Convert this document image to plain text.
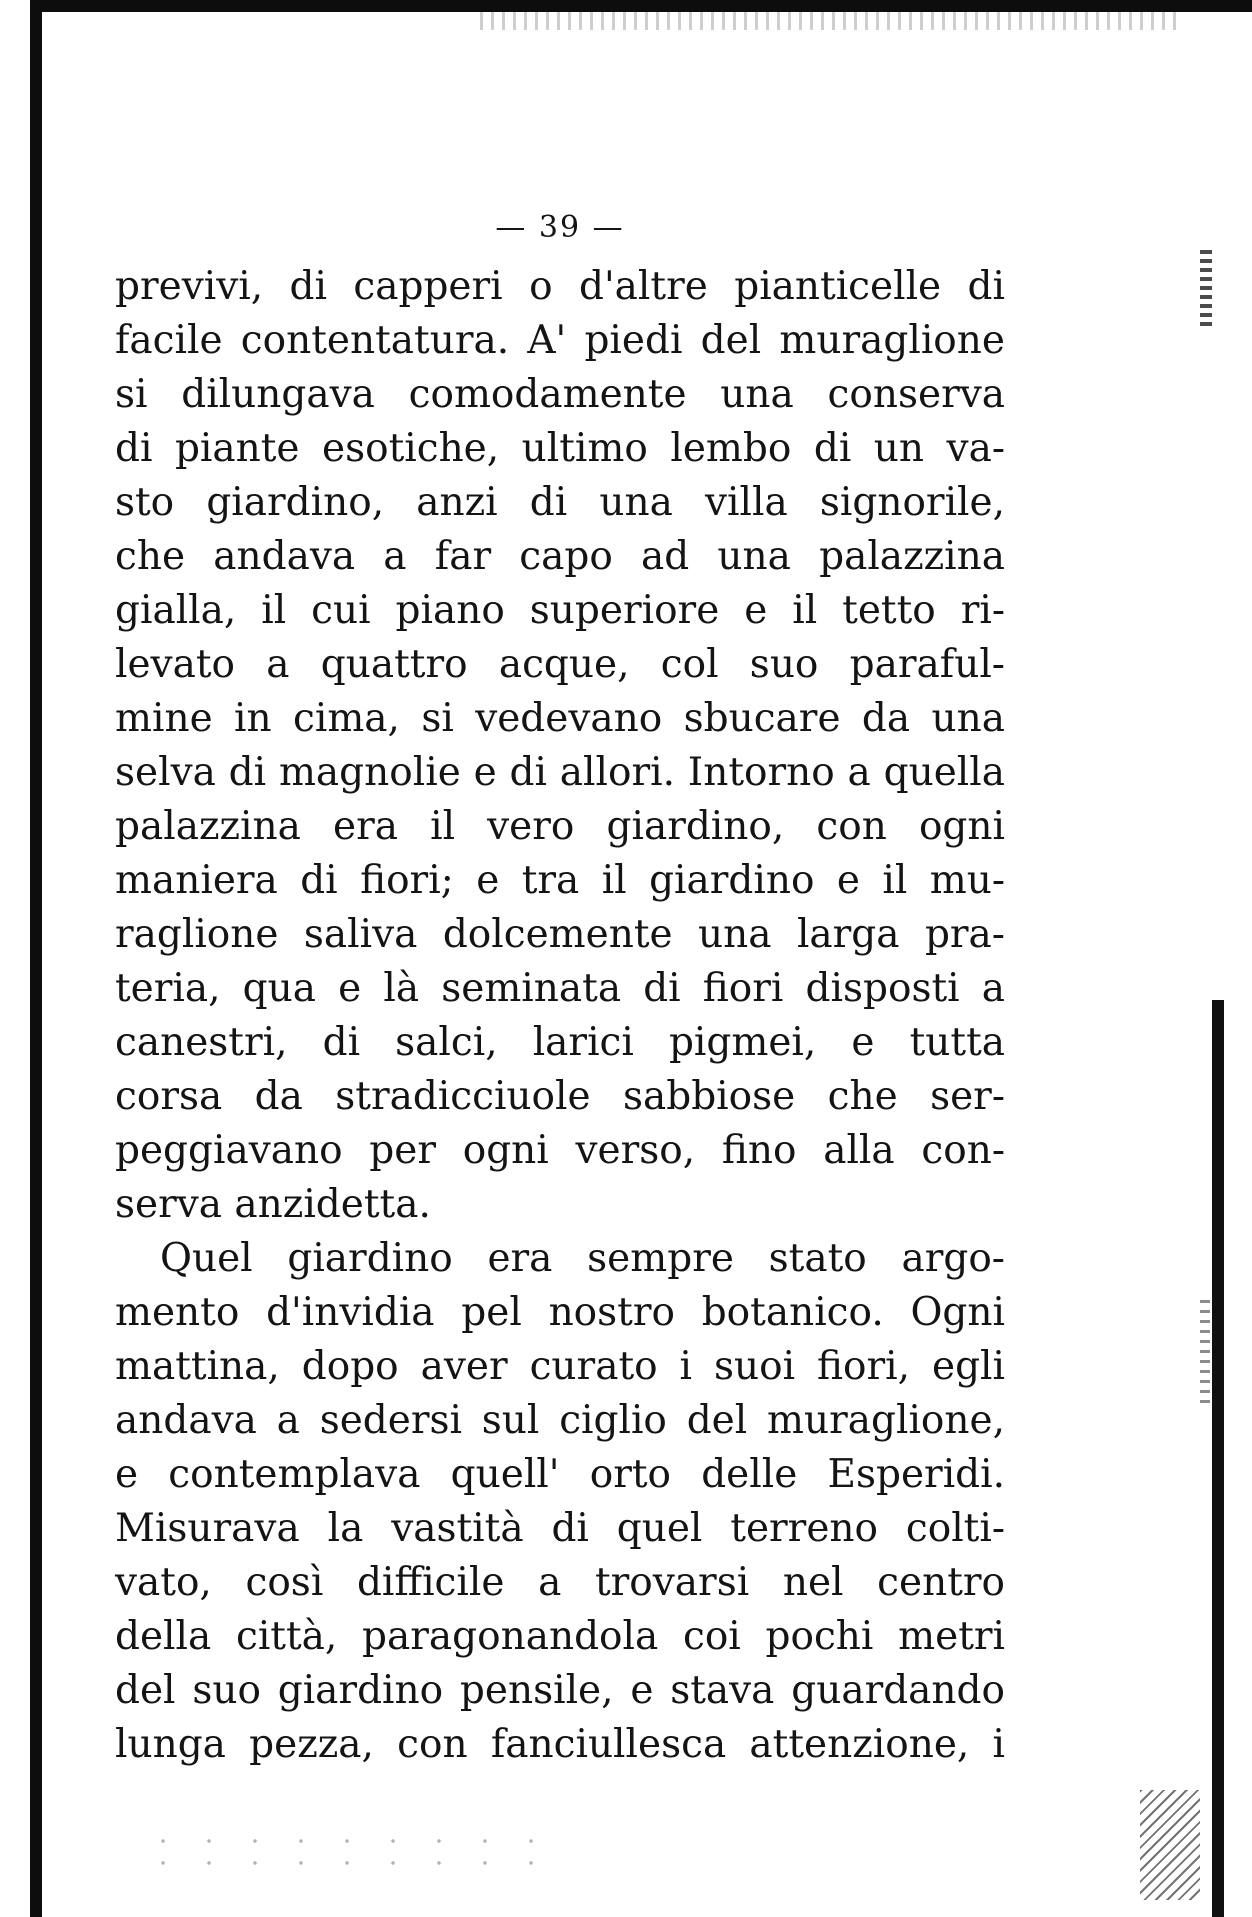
— 39 —
previvi, di capperi o d'altre pianticelle di
facile contentatura. A' piedi del muraglione
si dilungava comodamente una conserva
di piante esotiche, ultimo lembo di un va-
sto giardino, anzi di una villa signorile,
che andava a far capo ad una palazzina
gialla, il cui piano superiore e il tetto ri-
levato a quattro acque, col suo paraful-
mine in cima, si vedevano sbucare da una
selva di magnolie e di allori. Intorno a quella
palazzina era il vero giardino, con ogni
maniera di fiori; e tra il giardino e il mu-
raglione saliva dolcemente una larga pra-
teria, qua e là seminata di fiori disposti a
canestri, di salci, larici pigmei, e tutta
corsa da stradicciuole sabbiose che ser-
peggiavano per ogni verso, fino alla con-
serva anzidetta.
Quel giardino era sempre stato argo-
mento d'invidia pel nostro botanico. Ogni
mattina, dopo aver curato i suoi fiori, egli
andava a sedersi sul ciglio del muraglione,
e contemplava quell' orto delle Esperidi.
Misurava la vastità di quel terreno colti-
vato, così difficile a trovarsi nel centro
della città, paragonandola coi pochi metri
del suo giardino pensile, e stava guardando
lunga pezza, con fanciullesca attenzione, i
